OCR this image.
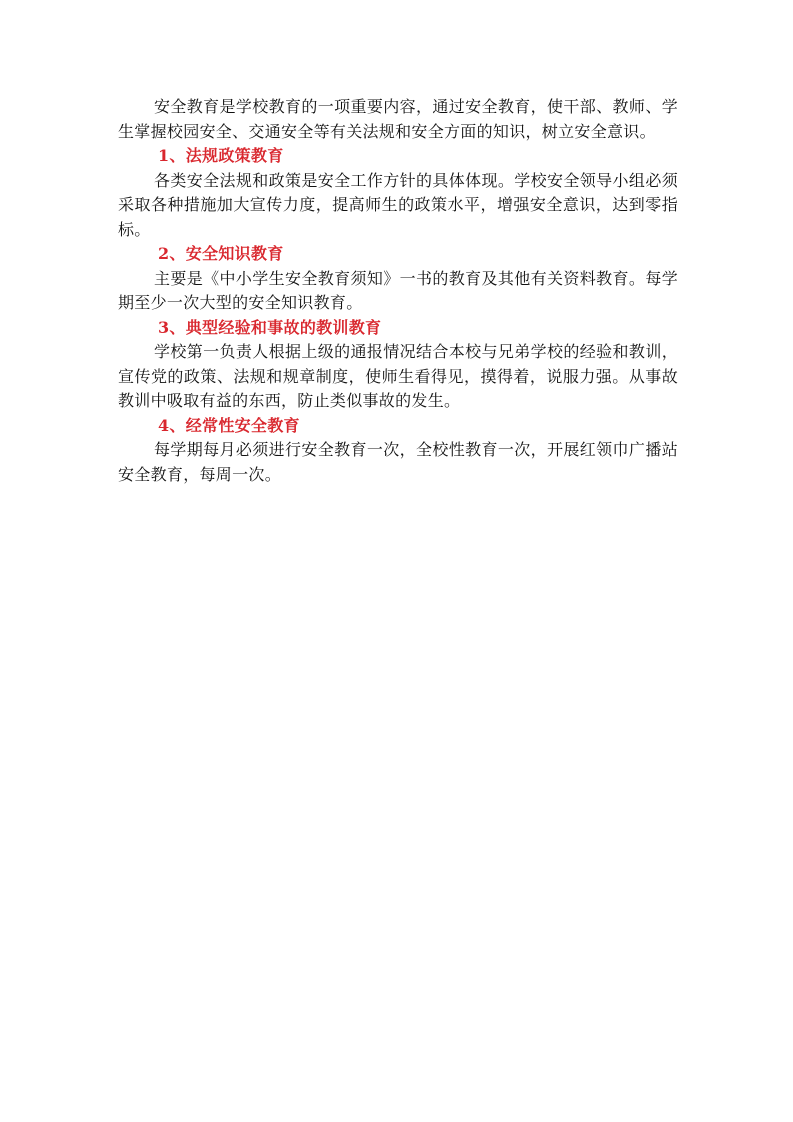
安全教育是学校教育的一项重要内容，通过安全教育，使干部、教师、学生掌握校园安全、交通安全等有关法规和安全方面的知识，树立安全意识。

1、法规政策教育

各类安全法规和政策是安全工作方针的具体体现。学校安全领导小组必须采取各种措施加大宣传力度，提高师生的政策水平，增强安全意识，达到零指标。

2、安全知识教育

主要是《中小学生安全教育须知》一书的教育及其他有关资料教育。每学期至少一次大型的安全知识教育。

3、典型经验和事故的教训教育

学校第一负责人根据上级的通报情况结合本校与兄弟学校的经验和教训，宣传党的政策、法规和规章制度，使师生看得见，摸得着，说服力强。从事故教训中吸取有益的东西，防止类似事故的发生。

4、经常性安全教育

每学期每月必须进行安全教育一次，全校性教育一次，开展红领巾广播站安全教育，每周一次。
